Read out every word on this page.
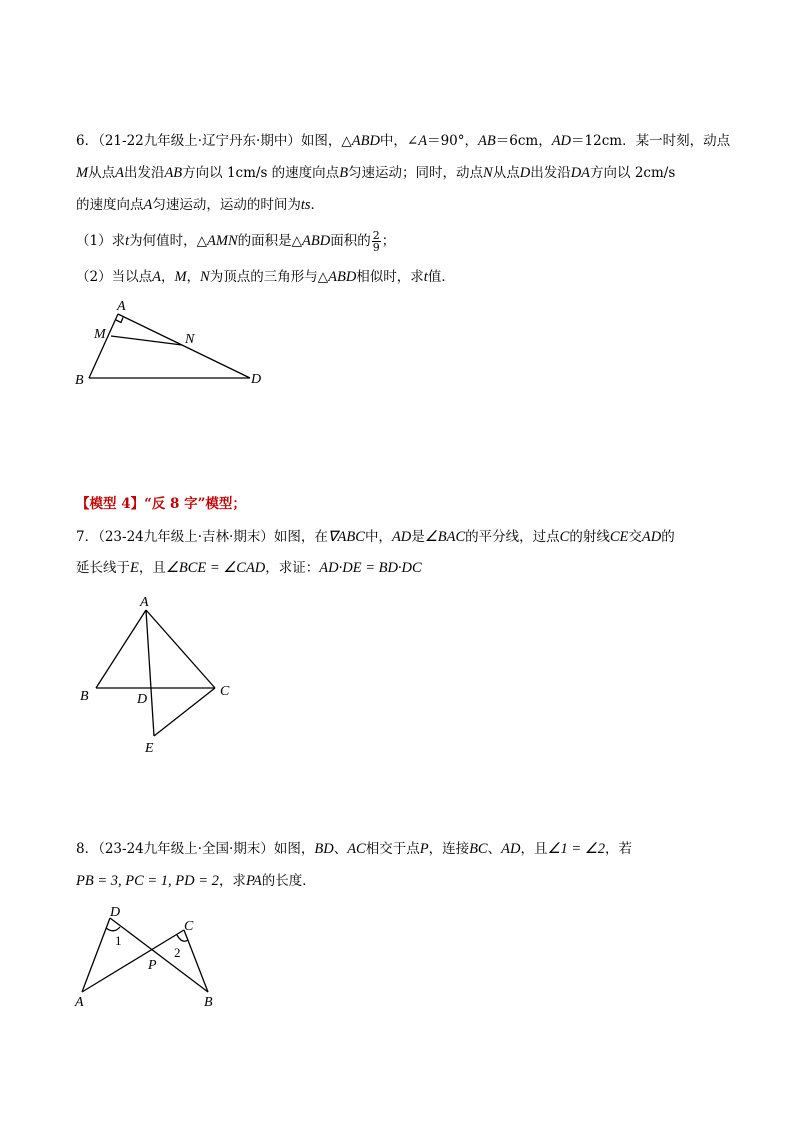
6．（21-22九年级上·辽宁丹东·期中）如图，△ABD中，∠A＝90°，AB＝6cm，AD＝12cm．某一时刻，动点
M从点A出发沿AB方向以 1cm/s 的速度向点B匀速运动；同时，动点N从点D出发沿DA方向以 2cm/s
的速度向点A匀速运动，运动的时间为ts．
（1）求t为何值时，△AMN的面积是△ABD面积的 $\frac{2}{9}$ ；
（2）当以点A，M，N为顶点的三角形与△ABD相似时，求t值．
A
M	N
B	D
【模型 4】“反 8 字”模型；
7．（23-24九年级上·吉林·期末）如图，在∇ABC中，AD是∠BAC的平分线，过点C的射线CE交AD的
延长线于E，且∠BCE = ∠CAD，求证：AD·DE = BD·DC
A
B	D
C
E
8．（23-24九年级上·全国·期末）如图，BD、AC相交于点P，连接BC、AD，且∠1 = ∠2，若
PB = 3, PC = 1, PD = 2，求PA的长度．
D
C
1
2
P
A	B
